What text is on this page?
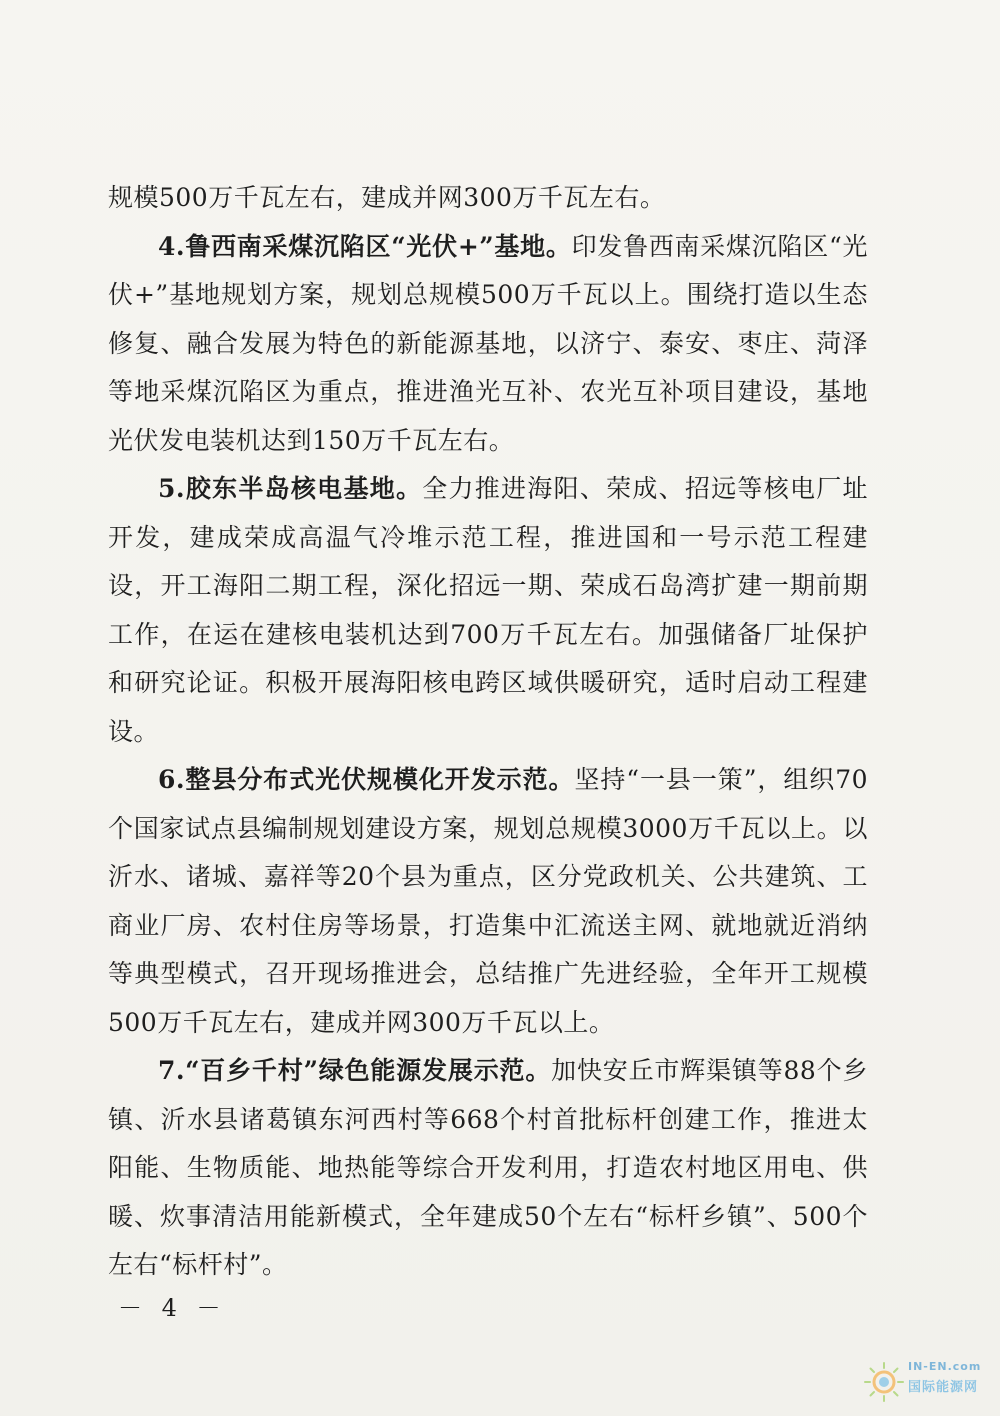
规模500万千瓦左右，建成并网300万千瓦左右。

4.鲁西南采煤沉陷区“光伏+”基地。印发鲁西南采煤沉陷区“光伏+”基地规划方案，规划总规模500万千瓦以上。围绕打造以生态修复、融合发展为特色的新能源基地，以济宁、泰安、枣庄、菏泽等地采煤沉陷区为重点，推进渔光互补、农光互补项目建设，基地光伏发电装机达到150万千瓦左右。

5.胶东半岛核电基地。全力推进海阳、荣成、招远等核电厂址开发，建成荣成高温气冷堆示范工程，推进国和一号示范工程建设，开工海阳二期工程，深化招远一期、荣成石岛湾扩建一期前期工作，在运在建核电装机达到700万千瓦左右。加强储备厂址保护和研究论证。积极开展海阳核电跨区域供暖研究，适时启动工程建设。

6.整县分布式光伏规模化开发示范。坚持“一县一策”，组织70个国家试点县编制规划建设方案，规划总规模3000万千瓦以上。以沂水、诸城、嘉祥等20个县为重点，区分党政机关、公共建筑、工商业厂房、农村住房等场景，打造集中汇流送主网、就地就近消纳等典型模式，召开现场推进会，总结推广先进经验，全年开工规模500万千瓦左右，建成并网300万千瓦以上。

7.“百乡千村”绿色能源发展示范。加快安丘市辉渠镇等88个乡镇、沂水县诸葛镇东河西村等668个村首批标杆创建工作，推进太阳能、生物质能、地热能等综合开发利用，打造农村地区用电、供暖、炊事清洁用能新模式，全年建成50个左右“标杆乡镇”、500个左右“标杆村”。

－ 4 －
IN-EN.com
国际能源网
